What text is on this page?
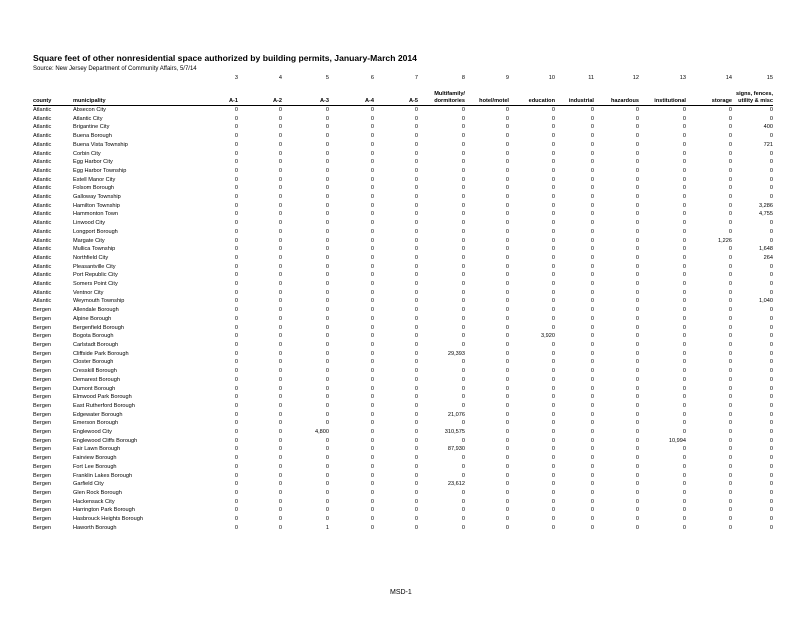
Square feet of other nonresidential space authorized by building permits, January-March 2014
Source: New Jersey Department of Community Affairs, 5/7/14
		3	4	5	6	7	8	9	10	11	12	13	14	15
county	municipality	A-1	A-2	A-3	A-4	A-5	Multifamily/
dormitories	hotel/motel	education	industrial	hazardous	institutional	storage	signs, fences,
utility & misc
Atlantic	Absecon City	0	0	0	0	0	0	0	0	0	0	0	0	0
Atlantic	Atlantic City	0	0	0	0	0	0	0	0	0	0	0	0	0
Atlantic	Brigantine City	0	0	0	0	0	0	0	0	0	0	0	0	400
Atlantic	Buena Borough	0	0	0	0	0	0	0	0	0	0	0	0	0
Atlantic	Buena Vista Township	0	0	0	0	0	0	0	0	0	0	0	0	721
Atlantic	Corbin City	0	0	0	0	0	0	0	0	0	0	0	0	0
Atlantic	Egg Harbor City	0	0	0	0	0	0	0	0	0	0	0	0	0
Atlantic	Egg Harbor Township	0	0	0	0	0	0	0	0	0	0	0	0	0
Atlantic	Estell Manor City	0	0	0	0	0	0	0	0	0	0	0	0	0
Atlantic	Folsom Borough	0	0	0	0	0	0	0	0	0	0	0	0	0
Atlantic	Galloway Township	0	0	0	0	0	0	0	0	0	0	0	0	0
Atlantic	Hamilton Township	0	0	0	0	0	0	0	0	0	0	0	0	3,286
Atlantic	Hammonton Town	0	0	0	0	0	0	0	0	0	0	0	0	4,755
Atlantic	Linwood City	0	0	0	0	0	0	0	0	0	0	0	0	0
Atlantic	Longport Borough	0	0	0	0	0	0	0	0	0	0	0	0	0
Atlantic	Margate City	0	0	0	0	0	0	0	0	0	0	0	1,226	0
Atlantic	Mullica Township	0	0	0	0	0	0	0	0	0	0	0	0	1,648
Atlantic	Northfield City	0	0	0	0	0	0	0	0	0	0	0	0	264
Atlantic	Pleasantville City	0	0	0	0	0	0	0	0	0	0	0	0	0
Atlantic	Port Republic City	0	0	0	0	0	0	0	0	0	0	0	0	0
Atlantic	Somers Point City	0	0	0	0	0	0	0	0	0	0	0	0	0
Atlantic	Ventnor City	0	0	0	0	0	0	0	0	0	0	0	0	0
Atlantic	Weymouth Township	0	0	0	0	0	0	0	0	0	0	0	0	1,040
Bergen	Allendale Borough	0	0	0	0	0	0	0	0	0	0	0	0	0
Bergen	Alpine Borough	0	0	0	0	0	0	0	0	0	0	0	0	0
Bergen	Bergenfield Borough	0	0	0	0	0	0	0	0	0	0	0	0	0
Bergen	Bogota Borough	0	0	0	0	0	0	0	3,920	0	0	0	0	0
Bergen	Carlstadt Borough	0	0	0	0	0	0	0	0	0	0	0	0	0
Bergen	Cliffside Park Borough	0	0	0	0	0	29,393	0	0	0	0	0	0	0
Bergen	Closter Borough	0	0	0	0	0	0	0	0	0	0	0	0	0
Bergen	Cresskill Borough	0	0	0	0	0	0	0	0	0	0	0	0	0
Bergen	Demarest Borough	0	0	0	0	0	0	0	0	0	0	0	0	0
Bergen	Dumont Borough	0	0	0	0	0	0	0	0	0	0	0	0	0
Bergen	Elmwood Park Borough	0	0	0	0	0	0	0	0	0	0	0	0	0
Bergen	East Rutherford Borough	0	0	0	0	0	0	0	0	0	0	0	0	0
Bergen	Edgewater Borough	0	0	0	0	0	21,076	0	0	0	0	0	0	0
Bergen	Emerson Borough	0	0	0	0	0	0	0	0	0	0	0	0	0
Bergen	Englewood City	0	0	4,800	0	0	310,575	0	0	0	0	0	0	0
Bergen	Englewood Cliffs Borough	0	0	0	0	0	0	0	0	0	0	10,994	0	0
Bergen	Fair Lawn Borough	0	0	0	0	0	87,930	0	0	0	0	0	0	0
Bergen	Fairview Borough	0	0	0	0	0	0	0	0	0	0	0	0	0
Bergen	Fort Lee Borough	0	0	0	0	0	0	0	0	0	0	0	0	0
Bergen	Franklin Lakes Borough	0	0	0	0	0	0	0	0	0	0	0	0	0
Bergen	Garfield City	0	0	0	0	0	23,612	0	0	0	0	0	0	0
Bergen	Glen Rock Borough	0	0	0	0	0	0	0	0	0	0	0	0	0
Bergen	Hackensack City	0	0	0	0	0	0	0	0	0	0	0	0	0
Bergen	Harrington Park Borough	0	0	0	0	0	0	0	0	0	0	0	0	0
Bergen	Hasbrouck Heights Borough	0	0	0	0	0	0	0	0	0	0	0	0	0
Bergen	Haworth Borough	0	0	1	0	0	0	0	0	0	0	0	0	0
MSD-1
